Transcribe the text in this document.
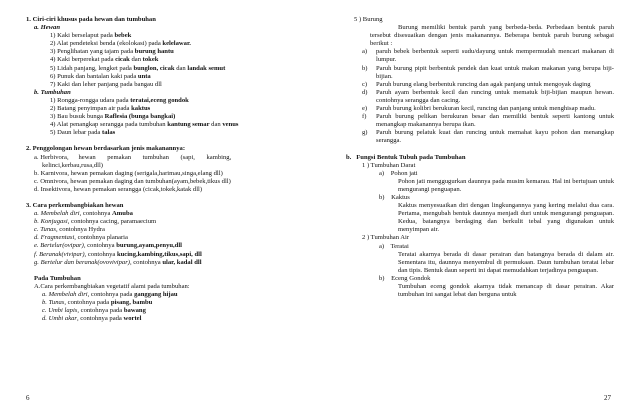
1. Ciri-ciri khusus pada hewan dan tumbuhan
a. Hewan
1) Kaki berselaput pada bebek
2) Alat pendeteksi benda (ekolokasi) pada kelelawar.
3) Penglihatan yang tajam pada burung hantu
4) Kaki berperekat pada cicak dan tokek
5) Lidah panjang, lengket pada bunglon, cicak dan landak semut
6) Punuk dan bantalan kaki pada unta
7) Kaki dan leher panjang pada bangau dll
b. Tumbuhan
1) Rongga-rongga udara pada teratai,eceng gondok
2) Batang penyimpan air pada kaktus
3) Bau busuk bunga Raflesia (bunga bangkai)
4) Alat penangkap serangga pada tumbuhan kantung semar dan venus
5) Daun lebar pada talas
2. Penggolongan hewan berdasarkan jenis makanannya:
a. Herbivora,      hewan       pemakan       tumbuhan       (sapi,       kambing,
kelinci,kerbau,rusa,dll)
b. Karnivora, hewan pemakan daging (serigala,harimau,singa,elang dll)
c. Omnivora, hewan pemakan daging dan tumbuhan(ayam,bebek,tikus dll)
d. Insektivora, hewan pemakan serangga (cicak,tokek,katak dll)
3. Cara perkembangbiakan hewan
a. Membelah diri, contohnya Amuba
b. Konjugasi, contohnya cacing, paramaecium
c. Tunas, contohnya Hydra
d. Fragmentasi, contohnya planaria
e. Bertelur(ovipar), contohnya burung,ayam,penyu,dll
f. Beranak(vivipar), contohnya kucing,kambing,tikus,sapi, dll
g. Bertelur dan beranak(ovovivipar), contohnya ular, kadal dll
Pada Tumbuhan
A.Cara perkembangbiakan vegetatif alami pada tumbuhan:
a. Membelah diri, contohnya pada ganggang hijau
b. Tunas, contohnya pada pisang, bambu
c. Umbi lapis, contohnya pada bawang
d. Umbi akar, contohnya pada wortel
6
5 ) Burung
Burung memiliki bentuk paruh yang berbeda-beda. Perbedaan bentuk paruh tersebut disesuaikan dengan jenis makanannya. Beberapa bentuk paruh burung sebagai berikut :
a)	paruh bebek berbentuk seperti sudu/dayung untuk mempermudah mencari makanan di lumpur.
b)	Paruh burung pipit berbentuk pendek dan kuat untuk makan makanan yang berupa biji-bijian.
c)	Paruh burung elang berbentuk runcing dan agak panjang untuk mengoyak daging
d)	Paruh ayam berbentuk kecil dan runcing untuk mematuk biji-bijian maupun hewan. contohnya serangga dan cacing.
e)	Paruh burung kolibri berukuran kecil, runcing dan panjang untuk menghisap madu.
f)	Paruh burung pelikan berukuran besar dan memiliki bentuk seperti kantong untuk menangkap makanannya berupa ikan.
g)	Paruh burung pelatuk kuat dan runcing untuk memahat kayu pohon dan menangkap serangga.
b.   Fungsi Bentuk Tubuh pada Tumbuhan
1 ) Tumbuhan Darat
a)    Pohon jati
Pohon jati menggugurkan daunnya pada musim kemarau. Hal ini bertujuan untuk mengurangi penguapan.
b)    Kaktus
Kaktus menyesuaikan diri dengan lingkungannya yang kering melalui dua cara. Pertama, mengubah bentuk daunnya menjadi duri untuk mengurangi penguapan. Kedua, batangnya berdaging dan berkulit tebal yang digunakan untuk menyimpan air.
2 ) Tumbuhan Air
a)    Teratai
Teratai akarnya berada di dasar perairan dan batangnya berada di dalam air. Sementara itu, daunnya menyembul di permukaan. Daun tumbuhan teratai lebar dan tipis. Bentuk daun seperti ini dapat memudahkan terjadinya penguapan.
b)    Eceng Gondok
Tumbuhan eceng gondok akarnya tidak menancap di dasar perairan. Akar tumbuhan ini sangat lebat dan berguna untuk
27
